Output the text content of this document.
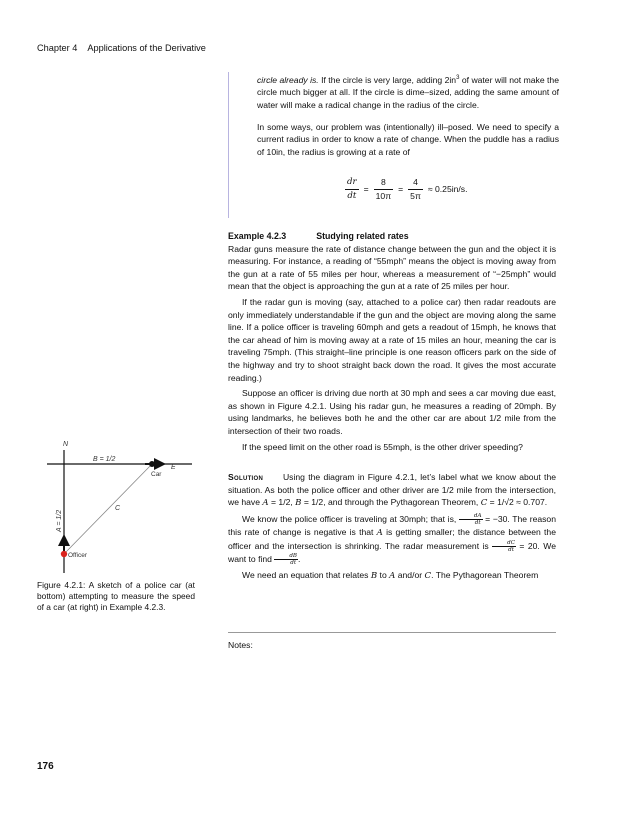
Chapter 4 Applications of the Derivative

circle already is. If the circle is very large, adding $2in^3$ of water will not make the circle much bigger at all. If the circle is dime–sized, adding the same amount of water will make a radical change in the radius of the circle.

In some ways, our problem was (intentionally) ill–posed. We need to specify a current radius in order to know a rate of change. When the puddle has a radius of 10in, the radius is growing at a rate of

$\frac{dr}{dt} = \frac{8}{10\pi} = \frac{4}{5\pi} \approx 0.25in/s$.
Example 4.2.3	Studying related rates

Radar guns measure the rate of distance change between the gun and the object it is measuring. For instance, a reading of “55mph” means the object is moving away from the gun at a rate of 55 miles per hour, whereas a measurement of “−25mph” would mean that the object is approaching the gun at a rate of 25 miles per hour.

If the radar gun is moving (say, attached to a police car) then radar readouts are only immediately understandable if the gun and the object are moving along the same line. If a police officer is traveling 60mph and gets a readout of 15mph, he knows that the car ahead of him is moving away at a rate of 15 miles an hour, meaning the car is traveling 75mph. (This straight–line principle is one reason officers park on the side of the highway and try to shoot straight back down the road. It gives the most accurate reading.)

Suppose an officer is driving due north at 30 mph and sees a car moving due east, as shown in Figure 4.2.1. Using his radar gun, he measures a reading of 20mph. By using landmarks, he believes both he and the other car are about 1/2 mile from the intersection of their two roads.

If the speed limit on the other road is 55mph, is the other driver speeding?

Solution Using the diagram in Figure 4.2.1, let’s label what we know about the situation. As both the police officer and other driver are 1/2 mile from the intersection, we have A = 1/2, B = 1/2, and through the Pythagorean Theorem, C = 1/√2 ≈ 0.707.

We know the police officer is traveling at 30mph; that is, $\frac{dA}{dt} = -30$. The reason this rate of change is negative is that A is getting smaller; the distance between the officer and the intersection is shrinking. The radar measurement is $\frac{dC}{dt} = 20$. We want to find $\frac{dB}{dt}$ .

We need an equation that relates B to A and/or C. The Pythagorean Theorem

N
E
B = 1/2
C
Car
Officer
A = 1/2
Figure 4.2.1: A sketch of a police car (at bottom) attempting to measure the speed of a car (at right) in Example 4.2.3.
Notes:
176
